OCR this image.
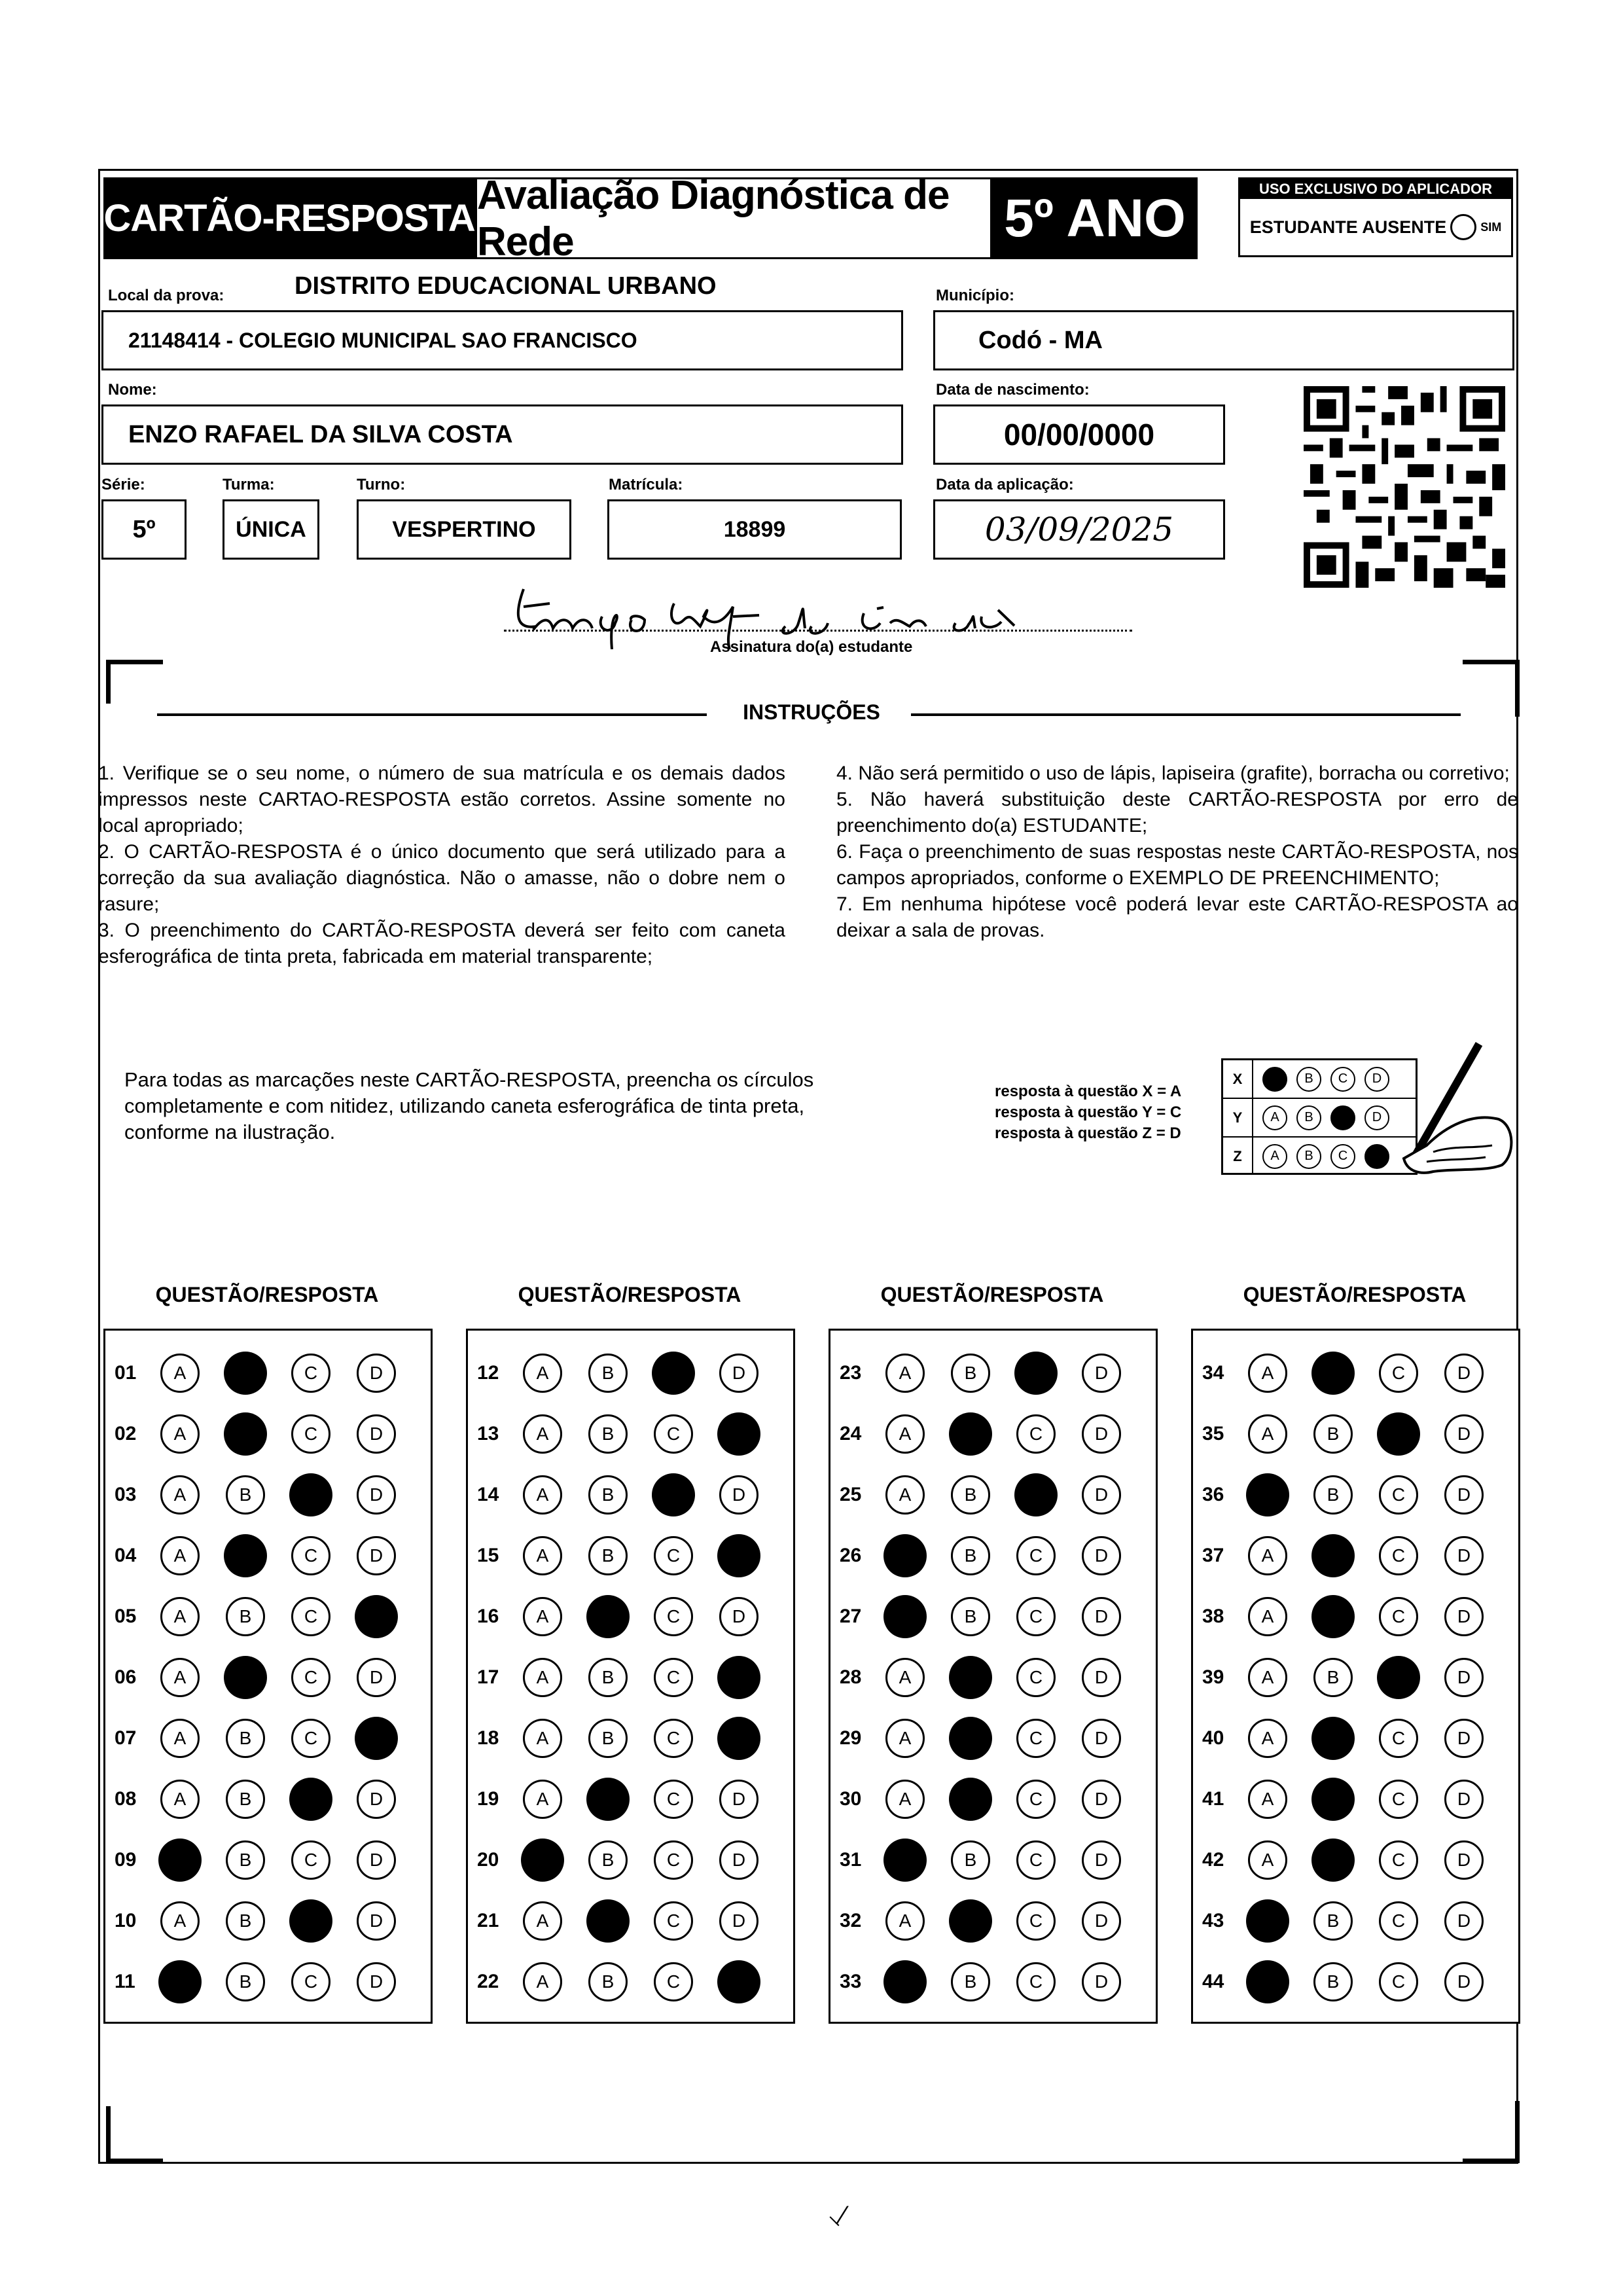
CARTÃO-RESPOSTA
Avaliação Diagnóstica de Rede	5º ANO	USO EXCLUSIVO DO APLICADOR
ESTUDANTE AUSENTE	SIM
Local da prova:	DISTRITO EDUCACIONAL URBANO
21148414 - COLEGIO MUNICIPAL SAO FRANCISCO
Município:
Codó - MA
Nome:
ENZO RAFAEL DA SILVA COSTA
Data de nascimento:
00/00/0000
Série:
5º
Turma:
ÚNICA
Turno:
VESPERTINO
Matrícula:
18899
Data da aplicação:
03/09/2025
Assinatura do(a) estudante
INSTRUÇÕES

1. Verifique se o seu nome, o número de sua matrícula e os demais dados impressos neste CARTAO-RESPOSTA estão corretos. Assine somente no local apropriado;

2. O CARTÃO-RESPOSTA é o único documento que será utilizado para a correção da sua avaliação diagnóstica. Não o amasse, não o dobre nem o rasure;

3. O preenchimento do CARTÃO-RESPOSTA deverá ser feito com caneta esferográfica de tinta preta, fabricada em material transparente;

4. Não será permitido o uso de lápis, lapiseira (grafite), borracha ou corretivo;

5. Não haverá substituição deste CARTÃO-RESPOSTA por erro de preenchimento do(a) ESTUDANTE;

6. Faça o preenchimento de suas respostas neste CARTÃO-RESPOSTA, nos campos apropriados, conforme o EXEMPLO DE PREENCHIMENTO;

7. Em nenhuma hipótese você poderá levar este CARTÃO-RESPOSTA ao deixar a sala de provas.

Para todas as marcações neste CARTÃO-RESPOSTA, preencha os círculos completamente e com nitidez, utilizando caneta esferográfica de tinta preta, conforme na ilustração.
resposta à questão X = A
resposta à questão Y = C
resposta à questão Z = D
X	A	B	C	D
Y	A	B	C	D
Z	A	B	C	D
QUESTÃO/RESPOSTA
01	A	B	C	D
02	A	B	C	D
03	A	B	C	D
04	A	B	C	D
05	A	B	C	D
06	A	B	C	D
07	A	B	C	D
08	A	B	C	D
09	A	B	C	D
10	A	B	C	D
11	A	B	C	D
QUESTÃO/RESPOSTA
12	A	B	C	D
13	A	B	C	D
14	A	B	C	D
15	A	B	C	D
16	A	B	C	D
17	A	B	C	D
18	A	B	C	D
19	A	B	C	D
20	A	B	C	D
21	A	B	C	D
22	A	B	C	D
QUESTÃO/RESPOSTA
23	A	B	C	D
24	A	B	C	D
25	A	B	C	D
26	A	B	C	D
27	A	B	C	D
28	A	B	C	D
29	A	B	C	D
30	A	B	C	D
31	A	B	C	D
32	A	B	C	D
33	A	B	C	D
QUESTÃO/RESPOSTA
34	A	B	C	D
35	A	B	C	D
36	A	B	C	D
37	A	B	C	D
38	A	B	C	D
39	A	B	C	D
40	A	B	C	D
41	A	B	C	D
42	A	B	C	D
43	A	B	C	D
44	A	B	C	D
⸜⁄
